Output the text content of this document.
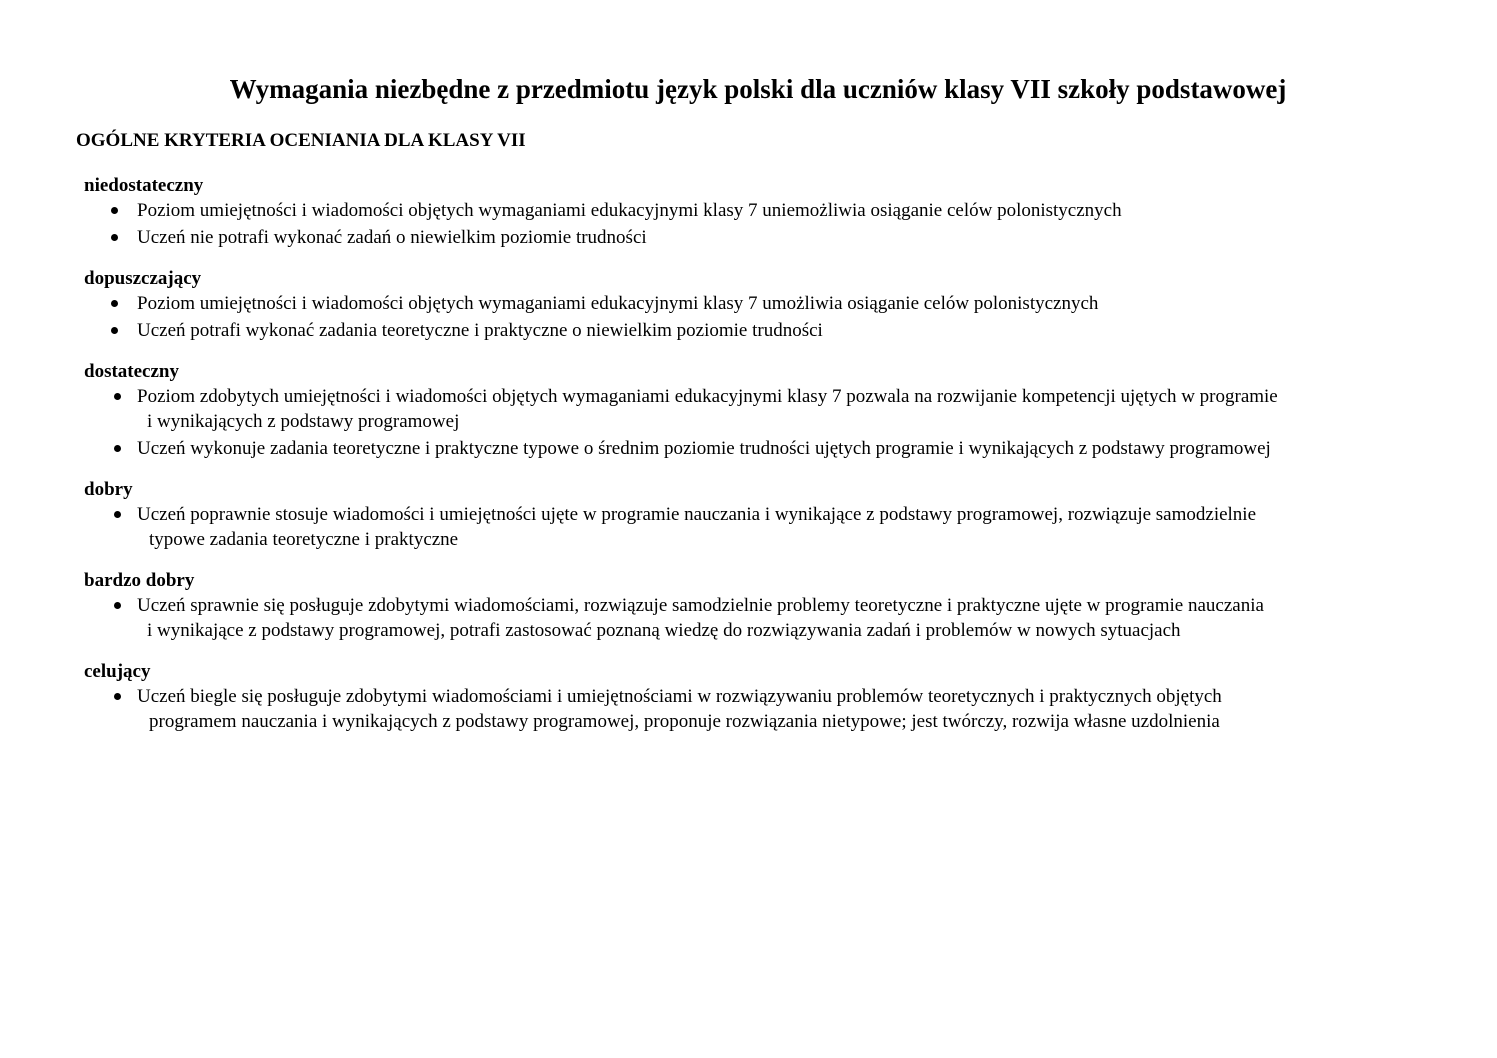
Wymagania niezbędne z przedmiotu język polski dla uczniów klasy VII szkoły podstawowej
OGÓLNE KRYTERIA OCENIANIA DLA KLASY VII
niedostateczny
Poziom umiejętności i wiadomości objętych wymaganiami edukacyjnymi klasy 7 uniemożliwia osiąganie celów polonistycznych
Uczeń nie potrafi wykonać zadań o niewielkim poziomie trudności
dopuszczający
Poziom umiejętności i wiadomości objętych wymaganiami edukacyjnymi klasy 7 umożliwia osiąganie celów polonistycznych
Uczeń potrafi wykonać zadania teoretyczne i praktyczne o niewielkim poziomie trudności
dostateczny
Poziom zdobytych umiejętności i wiadomości objętych wymaganiami edukacyjnymi klasy 7 pozwala na rozwijanie kompetencji ujętych w programie
i wynikających z podstawy programowej
Uczeń wykonuje zadania teoretyczne i praktyczne typowe o średnim poziomie trudności ujętych programie i wynikających z podstawy programowej
dobry
Uczeń poprawnie stosuje wiadomości i umiejętności ujęte w programie nauczania i wynikające z podstawy programowej, rozwiązuje samodzielnie
typowe zadania teoretyczne i praktyczne
bardzo dobry
Uczeń sprawnie się posługuje zdobytymi wiadomościami, rozwiązuje samodzielnie problemy teoretyczne i praktyczne ujęte w programie nauczania
i wynikające z podstawy programowej, potrafi zastosować poznaną wiedzę do rozwiązywania zadań i problemów w nowych sytuacjach
celujący
Uczeń biegle się posługuje zdobytymi wiadomościami i umiejętnościami w rozwiązywaniu problemów teoretycznych i praktycznych objętych
programem nauczania i wynikających z podstawy programowej, proponuje rozwiązania nietypowe; jest twórczy, rozwija własne uzdolnienia
